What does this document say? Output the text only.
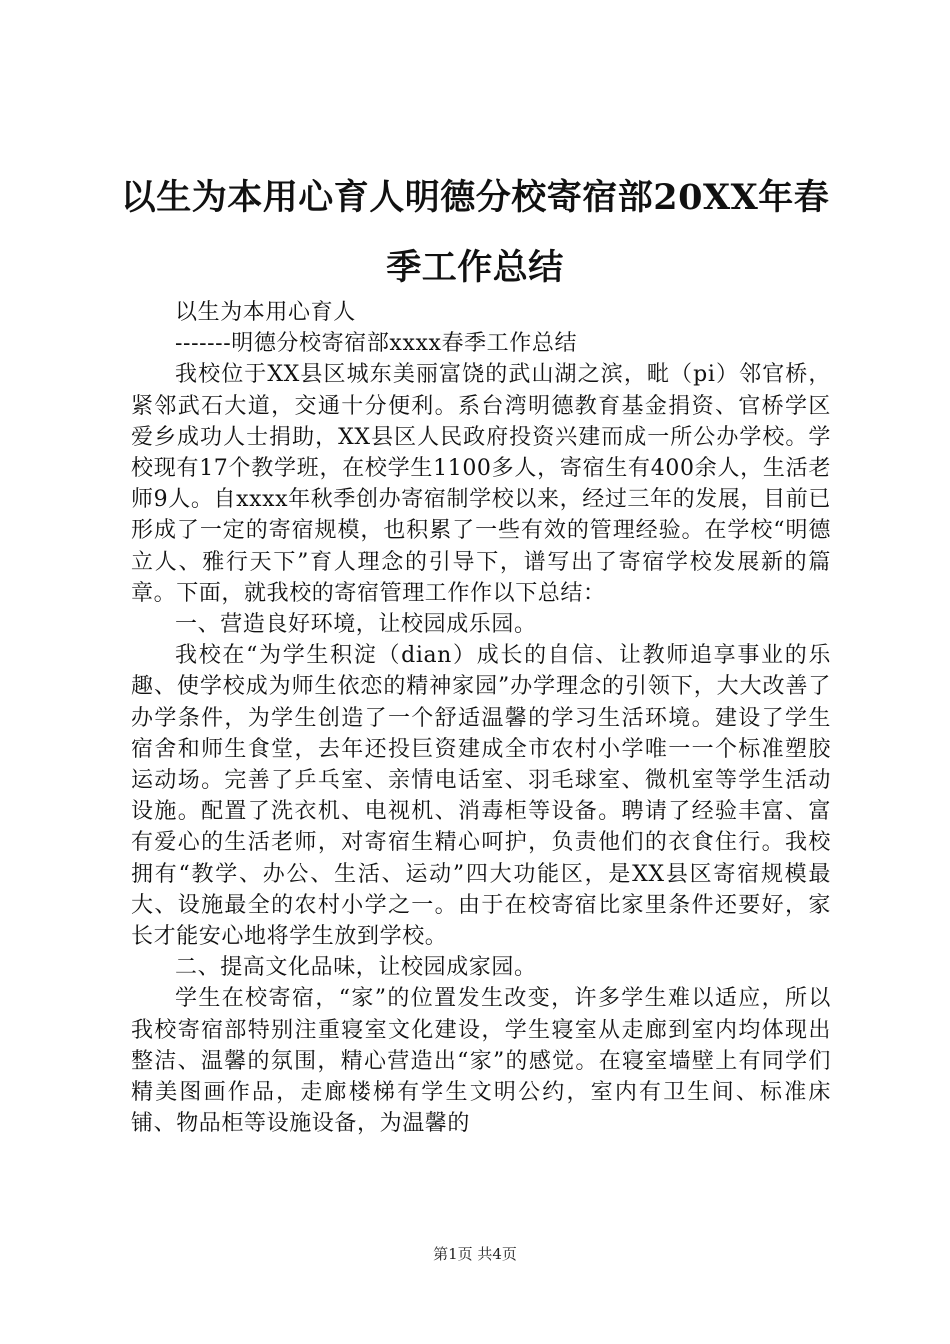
以生为本用心育人明德分校寄宿部20XX年春
季工作总结

以生为本用心育人

-------明德分校寄宿部xxxx春季工作总结

我校位于XX县区城东美丽富饶的武山湖之滨，毗（pi）邻官桥，紧邻武石大道，交通十分便利。系台湾明德教育基金捐资、官桥学区爱乡成功人士捐助，XX县区人民政府投资兴建而成一所公办学校。学校现有17个教学班，在校学生1100多人，寄宿生有400余人，生活老师9人。自xxxx年秋季创办寄宿制学校以来，经过三年的发展，目前已形成了一定的寄宿规模，也积累了一些有效的管理经验。在学校“明德立人、雅行天下”育人理念的引导下，谱写出了寄宿学校发展新的篇章。下面，就我校的寄宿管理工作作以下总结：

一、营造良好环境，让校园成乐园。

我校在“为学生积淀（dian）成长的自信、让教师追享事业的乐趣、使学校成为师生依恋的精神家园”办学理念的引领下，大大改善了办学条件，为学生创造了一个舒适温馨的学习生活环境。建设了学生宿舍和师生食堂，去年还投巨资建成全市农村小学唯一一个标准塑胶运动场。完善了乒乓室、亲情电话室、羽毛球室、微机室等学生活动设施。配置了洗衣机、电视机、消毒柜等设备。聘请了经验丰富、富有爱心的生活老师，对寄宿生精心呵护，负责他们的衣食住行。我校拥有“教学、办公、生活、运动”四大功能区，是XX县区寄宿规模最大、设施最全的农村小学之一。由于在校寄宿比家里条件还要好，家长才能安心地将学生放到学校。

二、提高文化品味，让校园成家园。

学生在校寄宿，“家”的位置发生改变，许多学生难以适应，所以我校寄宿部特别注重寝室文化建设，学生寝室从走廊到室内均体现出整洁、温馨的氛围，精心营造出“家”的感觉。在寝室墙壁上有同学们精美图画作品，走廊楼梯有学生文明公约，室内有卫生间、标准床铺、物品柜等设施设备，为温馨的

第1页 共4页
